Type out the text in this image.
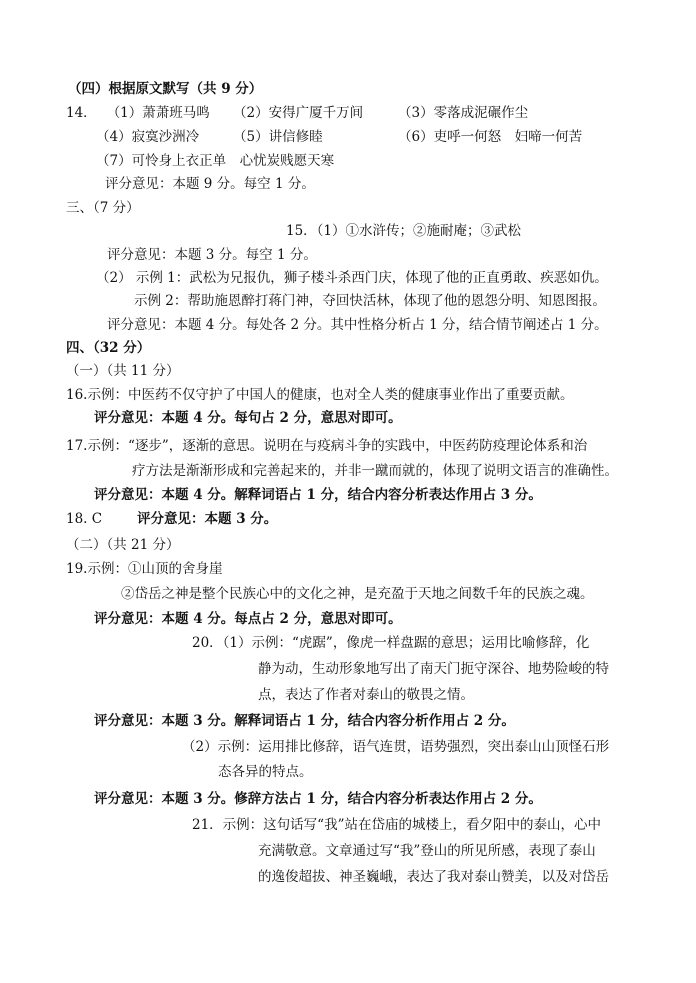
（四）根据原文默写（共 9 分）
14． （1）萧萧班马鸣 （2）安得广厦千万间	（3）零落成泥碾作尘
（4）寂寞沙洲冷	（5）讲信修睦	（6）吏呼一何怒　妇啼一何苦
（7）可怜身上衣正单　心忧炭贱愿天寒
评分意见：本题 9 分。每空 1 分。
三、（7 分）
15．（1）①水浒传；②施耐庵；③武松
评分意见：本题 3 分。每空 1 分。
（2） 示例 1：武松为兄报仇，狮子楼斗杀西门庆，体现了他的正直勇敢、疾恶如仇。
示例 2：帮助施恩醉打蒋门神，夺回快活林，体现了他的恩怨分明、知恩图报。
评分意见：本题 4 分。每处各 2 分。其中性格分析占 1 分，结合情节阐述占 1 分。
四、（32 分）
（一）（共 11 分）
16.示例：中医药不仅守护了中国人的健康，也对全人类的健康事业作出了重要贡献。
评分意见：本题 4 分。每句占 2 分，意思对即可。
17.示例：“逐步”，逐渐的意思。说明在与疫病斗争的实践中，中医药防疫理论体系和治
疗方法是渐渐形成和完善起来的，并非一蹴而就的，体现了说明文语言的准确性。
评分意见：本题 4 分。解释词语占 1 分，结合内容分析表达作用占 3 分。
18. C	评分意见：本题 3 分。
（二）（共 21 分）
19.示例：①山顶的舍身崖
②岱岳之神是整个民族心中的文化之神，是充盈于天地之间数千年的民族之魂。
评分意见：本题 4 分。每点占 2 分，意思对即可。
20．（1）示例：“虎踞”，像虎一样盘踞的意思；运用比喻修辞，化
静为动，生动形象地写出了南天门扼守深谷、地势险峻的特
点，表达了作者对泰山的敬畏之情。
评分意见：本题 3 分。解释词语占 1 分，结合内容分析作用占 2 分。
（2）示例：运用排比修辞，语气连贯，语势强烈，突出泰山山顶怪石形
态各异的特点。
评分意见：本题 3 分。修辞方法占 1 分，结合内容分析表达作用占 2 分。
21．示例：这句话写“我”站在岱庙的城楼上，看夕阳中的泰山，心中
充满敬意。文章通过写“我”登山的所见所感，表现了泰山
的逸俊超拔、神圣巍峨，表达了我对泰山赞美，以及对岱岳
